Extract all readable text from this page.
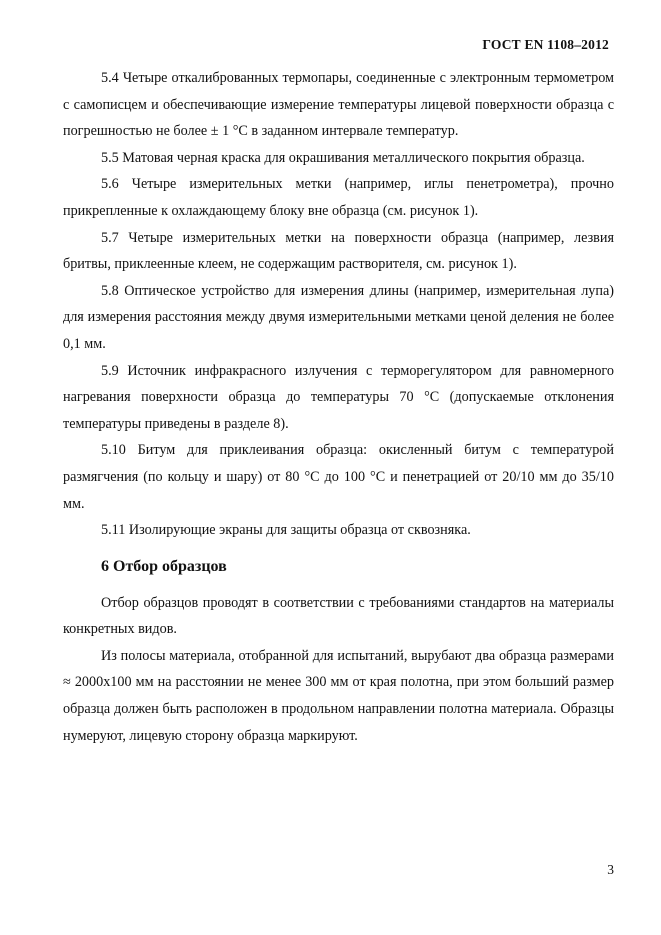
ГОСТ EN 1108–2012

5.4 Четыре откалиброванных термопары, соединенные с электронным термометром с самописцем и обеспечивающие измерение температуры лицевой поверхности образца с погрешностью не более ± 1 °С в заданном интервале температур.

5.5 Матовая черная краска для окрашивания металлического покрытия образца.

5.6 Четыре измерительных метки (например, иглы пенетрометра), прочно прикрепленные к охлаждающему блоку вне образца (см. рисунок 1).

5.7 Четыре измерительных метки на поверхности образца (например, лезвия бритвы, приклеенные клеем, не содержащим растворителя, см. рисунок 1).

5.8 Оптическое устройство для измерения длины (например, измерительная лупа) для измерения расстояния между двумя измерительными метками ценой деления не более 0,1 мм.

5.9 Источник инфракрасного излучения с терморегулятором для равномерного нагревания поверхности образца до температуры 70 °С (допускаемые отклонения температуры приведены в разделе 8).

5.10 Битум для приклеивания образца: окисленный битум с температурой размягчения (по кольцу и шару) от 80 °С до 100 °С и пенетрацией от 20/10 мм до 35/10 мм.

5.11 Изолирующие экраны для защиты образца от сквозняка.

6 Отбор образцов

Отбор образцов проводят в соответствии с требованиями стандартов на материалы конкретных видов.

Из полосы материала, отобранной для испытаний, вырубают два образца размерами ≈ 2000х100 мм на расстоянии не менее 300 мм от края полотна, при этом больший размер образца должен быть расположен в продольном направлении полотна материала. Образцы нумеруют, лицевую сторону образца маркируют.

3
